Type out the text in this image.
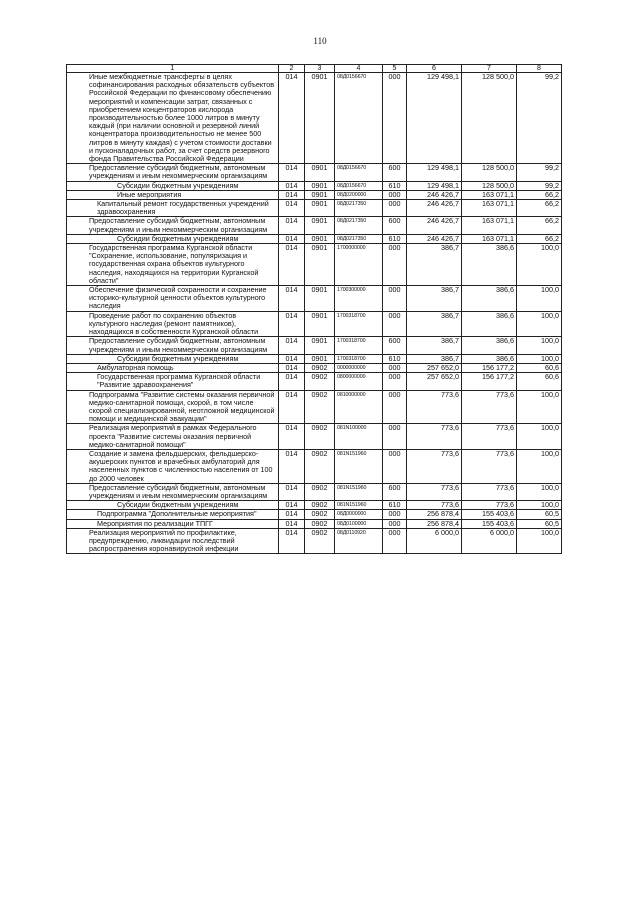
110
1	2	3	4	5	6	7	8
Иные межбюджетные трансферты в целях софинансирования расходных обязательств субъектов Российской Федерации по финансовому обеспечению мероприятий и компенсации затрат, связанных с приобретением концентраторов кислорода производительностью более 1000 литров в минуту каждый (при наличии основной и резервной линий концентратора производительностью не менее 500 литров в минуту каждая) с учетом стоимости доставки и пусконаладочных работ, за счет средств резервного фонда Правительства Российской Федерации	014	0901	08Д0156670	000	129 498,1	128 500,0	99,2
Предоставление субсидий бюджетным, автономным учреждениям и иным некоммерческим организациям	014	0901	08Д0156670	600	129 498,1	128 500,0	99,2
Субсидии бюджетным учреждениям	014	0901	08Д0156670	610	129 498,1	128 500,0	99,2
Иные мероприятия	014	0901	08Д0200000	000	246 426,7	163 071,1	66,2
Капитальный ремонт государственных учреждений здравоохранения	014	0901	08Д0217350	000	246 426,7	163 071,1	66,2
Предоставление субсидий бюджетным, автономным учреждениям и иным некоммерческим организациям	014	0901	08Д0217350	600	246 426,7	163 071,1	66,2
Субсидии бюджетным учреждениям	014	0901	08Д0217350	610	246 426,7	163 071,1	66,2
Государственная программа Курганской области "Сохранение, использование, популяризация и государственная охрана объектов культурного наследия, находящихся на территории Курганской области"	014	0901	1700000000	000	386,7	386,6	100,0
Обеспечение физической сохранности и сохранение историко-культурной ценности объектов культурного наследия	014	0901	1700300000	000	386,7	386,6	100,0
Проведение работ по сохранению объектов культурного наследия (ремонт памятников), находящихся в собственности Курганской области	014	0901	1700318700	000	386,7	386,6	100,0
Предоставление субсидий бюджетным, автономным учреждениям и иным некоммерческим организациям	014	0901	1700318700	600	386,7	386,6	100,0
Субсидии бюджетным учреждениям	014	0901	1700318700	610	386,7	386,6	100,0
Амбулаторная помощь	014	0902	0000000000	000	257 652,0	156 177,2	60,6
Государственная программа Курганской области "Развитие здравоохранения"	014	0902	0800000000	000	257 652,0	156 177,2	60,6
Подпрограмма "Развитие системы оказания первичной медико-санитарной помощи, скорой, в том числе скорой специализированной, неотложной медицинской помощи и медицинской эвакуации"	014	0902	0810000000	000	773,6	773,6	100,0
Реализация мероприятий в рамках Федерального проекта "Развитие системы оказания первичной медико-санитарной помощи"	014	0902	081N100000	000	773,6	773,6	100,0
Создание и замена фельдшерских, фельдшерско-акушерских пунктов и врачебных амбулаторий для населенных пунктов с численностью населения от 100 до 2000 человек	014	0902	081N151960	000	773,6	773,6	100,0
Предоставление субсидий бюджетным, автономным учреждениям и иным некоммерческим организациям	014	0902	081N151960	600	773,6	773,6	100,0
Субсидии бюджетным учреждениям	014	0902	081N151960	610	773,6	773,6	100,0
Подпрограмма "Дополнительные мероприятия"	014	0902	08Д0000000	000	256 878,4	155 403,6	60,5
Мероприятия по реализации ТПГГ	014	0902	08Д0100000	000	256 878,4	155 403,6	60,5
Реализация мероприятий по профилактике, предупреждению, ликвидации последствий распространения коронавирусной инфекции	014	0902	08Д0110920	000	6 000,0	6 000,0	100,0
